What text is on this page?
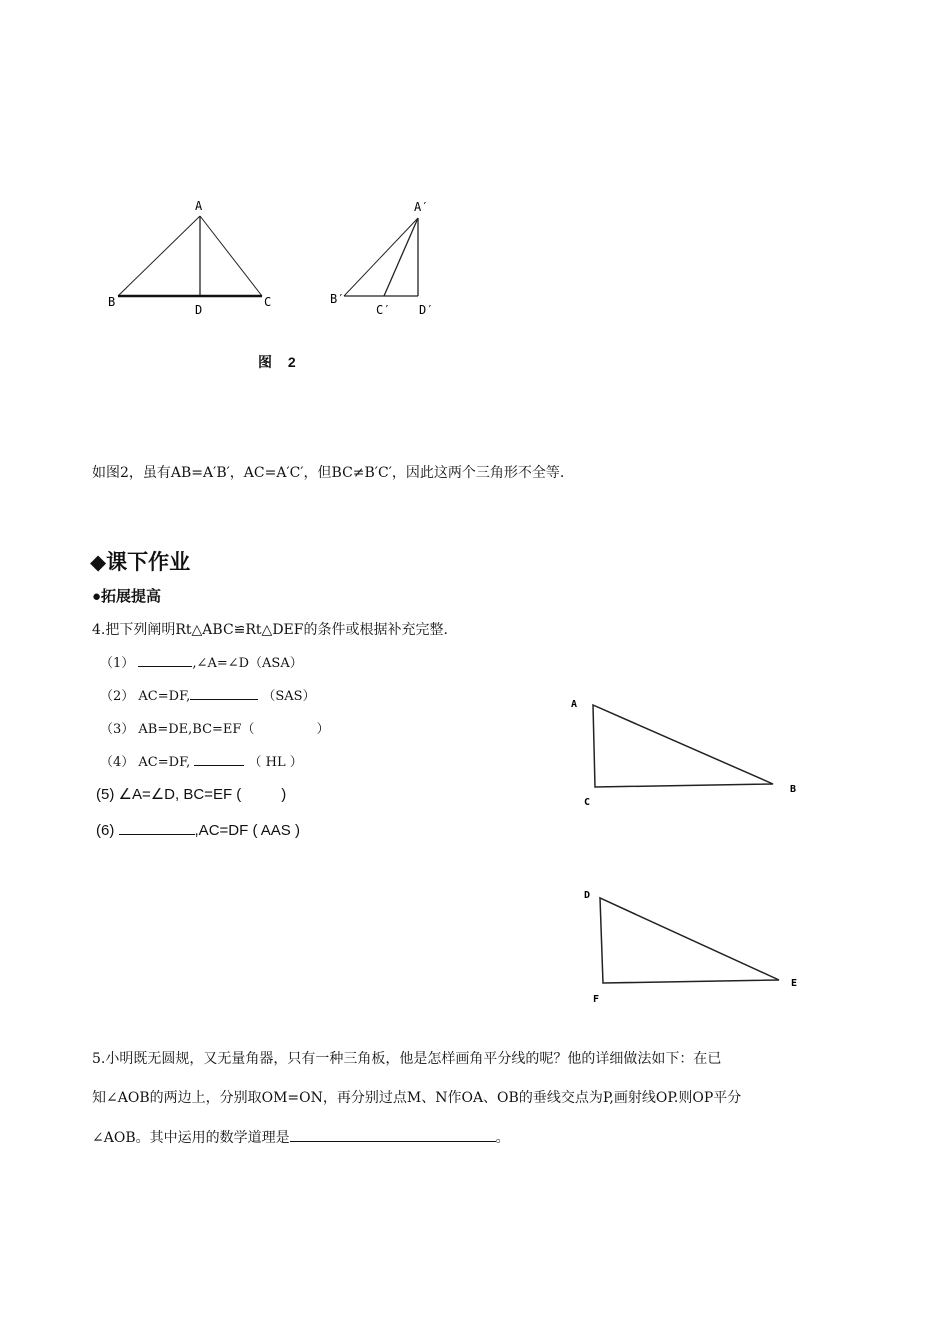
A
B	C
D
A′
B′
C′ D′
图 2
如图2，虽有AB=A′B′，AC=A′C′，但BC≠B′C′，因此这两个三角形不全等.
◆课下作业
●拓展提高
4.把下列阐明Rt△ABC≌Rt△DEF的条件或根据补充完整.
（1）	,∠A=∠D（ASA）
（2） AC=DF,	（SAS）
（3） AB=DE,BC=EF（	）
（4） AC=DF,	（ HL ）
(5) ∠A=∠D, BC=EF (	)
(6)	,AC=DF ( AAS )
A
B
C
D
E
F
5.小明既无圆规，又无量角器，只有一种三角板，他是怎样画角平分线的呢？他的详细做法如下：在已
知∠AOB的两边上，分别取OM=ON，再分别过点M、N作OA、OB的垂线交点为P,画射线OP.则OP平分
∠AOB。其中运用的数学道理是	。
